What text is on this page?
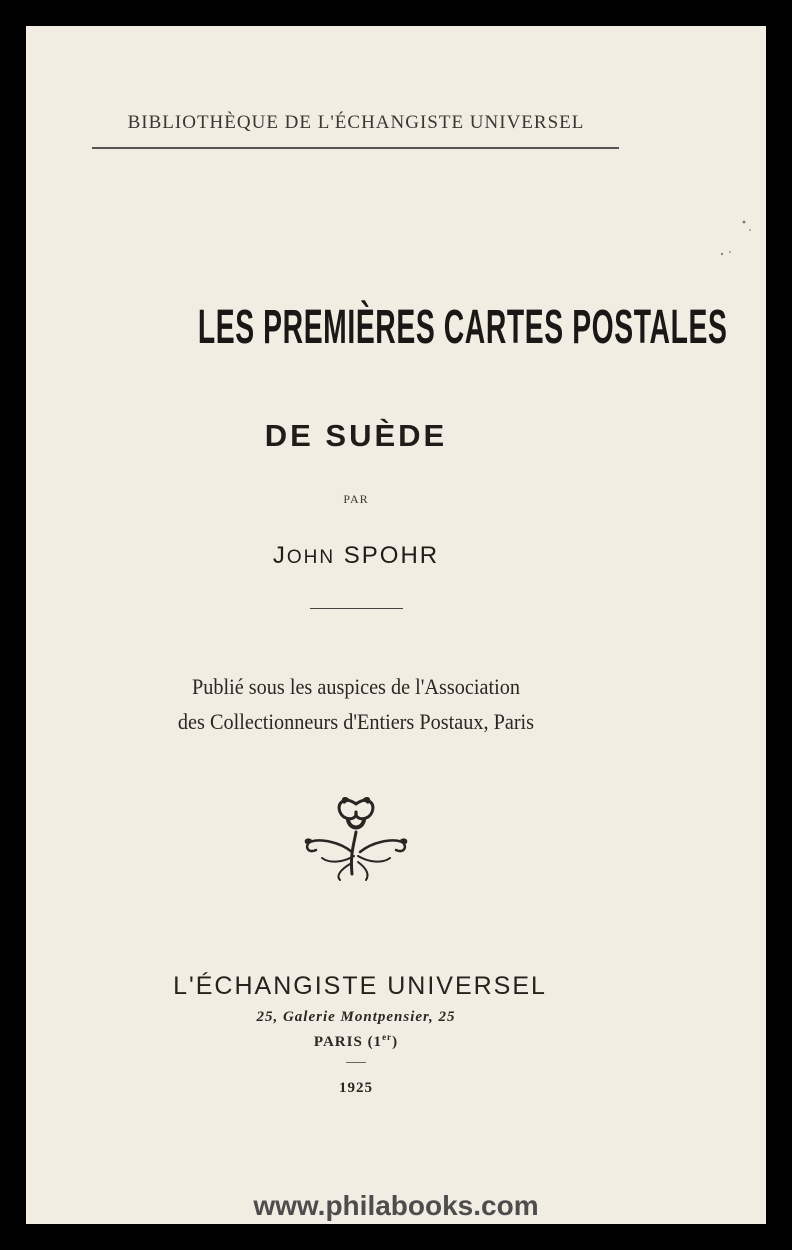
BIBLIOTHÈQUE DE L'ÉCHANGISTE UNIVERSEL
LES PREMIÈRES CARTES POSTALES
DE SUÈDE
PAR
JOHN SPOHR
Publié sous les auspices de l'Association
des Collectionneurs d'Entiers Postaux, Paris
L'ÉCHANGISTE UNIVERSEL
25, Galerie Montpensier, 25
PARIS (1er)
1925
www.philabooks.com
